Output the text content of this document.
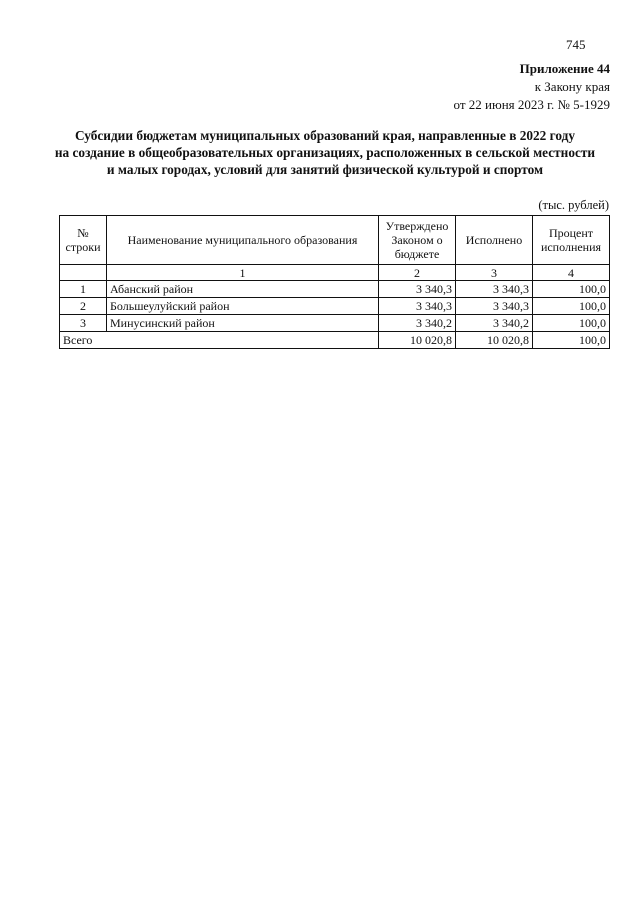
745
Приложение 44
к Закону края
от 22 июня 2023 г. № 5-1929
Субсидии бюджетам муниципальных образований края, направленные в 2022 году
на создание в общеобразовательных организациях, расположенных в сельской местности
и малых городах, условий для занятий физической культурой и спортом
(тыс. рублей)
№ строки	Наименование муниципального образования	Утверждено Законом о бюджете	Исполнено	Процент исполнения
	1	2	3	4
1	Абанский район	3 340,3	3 340,3	100,0
2	Большеулуйский район	3 340,3	3 340,3	100,0
3	Минусинский район	3 340,2	3 340,2	100,0
Всего		10 020,8	10 020,8	100,0
